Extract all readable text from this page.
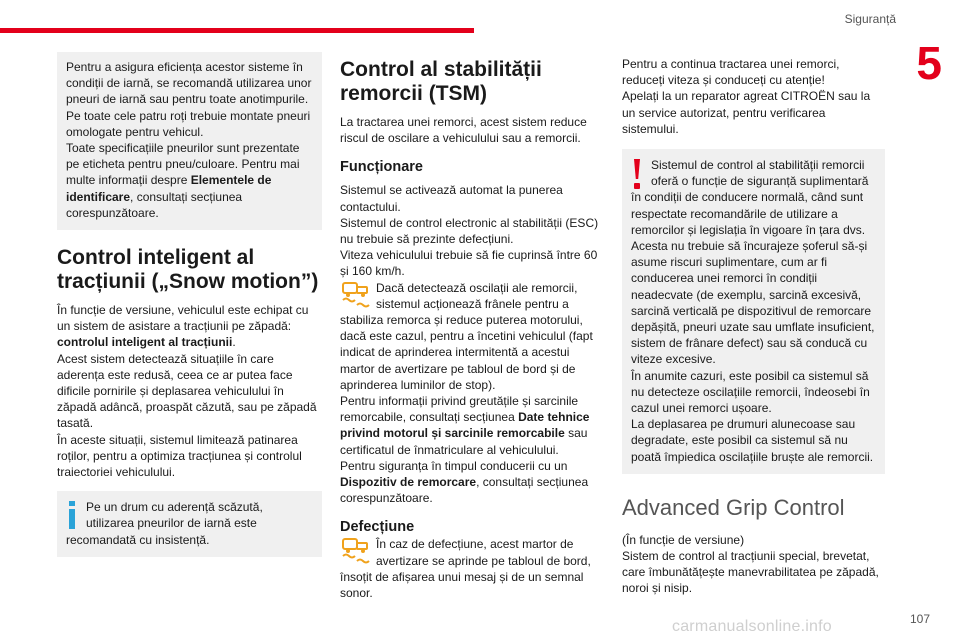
Siguranță
5

Pentru a asigura eficiența acestor sisteme în condiții de iarnă, se recomandă utilizarea unor pneuri de iarnă sau pentru toate anotimpurile. Pe toate cele patru roți trebuie montate pneuri omologate pentru vehicul.

Toate specificațiile pneurilor sunt prezentate pe eticheta pentru pneu/culoare. Pentru mai multe informații despre Elementele de identificare, consultați secțiunea corespunzătoare.

Control inteligent al tracțiunii („Snow motion”)

În funcție de versiune, vehiculul este echipat cu un sistem de asistare a tracțiunii pe zăpadă: controlul inteligent al tracțiunii.

Acest sistem detectează situațiile în care aderența este redusă, ceea ce ar putea face dificile pornirile și deplasarea vehiculului în zăpadă adâncă, proaspăt căzută, sau pe zăpadă tasată.

În aceste situații, sistemul limitează patinarea roților, pentru a optimiza tracțiunea și controlul traiectoriei vehiculului.

Pe un drum cu aderență scăzută, utilizarea pneurilor de iarnă este recomandată cu insistență.

Control al stabilității remorcii (TSM)

La tractarea unei remorci, acest sistem reduce riscul de oscilare a vehiculului sau a remorcii.

Funcționare

Sistemul se activează automat la punerea contactului.

Sistemul de control electronic al stabilității (ESC) nu trebuie să prezinte defecțiuni.

Viteza vehiculului trebuie să fie cuprinsă între 60 și 160 km/h.

Dacă detectează oscilații ale remorcii, sistemul acționează frânele pentru a stabiliza remorca și reduce puterea motorului, dacă este cazul, pentru a încetini vehiculul (fapt indicat de aprinderea intermitentă a acestui martor de avertizare pe tabloul de bord și de aprinderea luminilor de stop).

Pentru informații privind greutățile și sarcinile remorcabile, consultați secțiunea Date tehnice privind motorul și sarcinile remorcabile sau certificatul de înmatriculare al vehiculului.

Pentru siguranța în timpul conducerii cu un Dispozitiv de remorcare, consultați secțiunea corespunzătoare.

Defecțiune

În caz de defecțiune, acest martor de avertizare se aprinde pe tabloul de bord, însoțit de afișarea unui mesaj și de un semnal sonor.

Pentru a continua tractarea unei remorci, reduceți viteza și conduceți cu atenție!

Apelați la un reparator agreat CITROËN sau la un service autorizat, pentru verificarea sistemului.

Sistemul de control al stabilității remorcii oferă o funcție de siguranță suplimentară în condiții de conducere normală, când sunt respectate recomandările de utilizare a remorcilor și legislația în vigoare în țara dvs.

Acesta nu trebuie să încurajeze șoferul să-și asume riscuri suplimentare, cum ar fi conducerea unei remorci în condiții neadecvate (de exemplu, sarcină excesivă, sarcină verticală pe dispozitivul de remorcare depășită, pneuri uzate sau umflate insuficient, sistem de frânare defect) sau să conducă cu viteze excesive.

În anumite cazuri, este posibil ca sistemul să nu detecteze oscilațiile remorcii, îndeosebi în cazul unei remorci ușoare.

La deplasarea pe drumuri alunecoase sau degradate, este posibil ca sistemul să nu poată împiedica oscilațiile bruște ale remorcii.

Advanced Grip Control

(În funcție de versiune)

Sistem de control al tracțiunii special, brevetat, care îmbunătățește manevrabilitatea pe zăpadă, noroi și nisip.

107
carmanualsonline.info
